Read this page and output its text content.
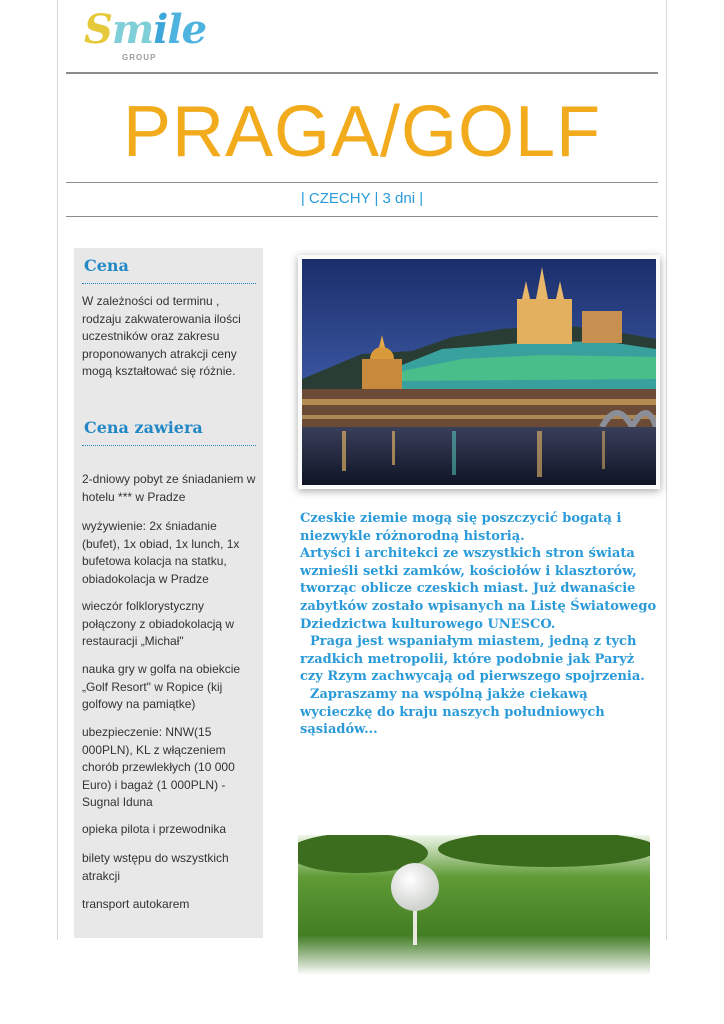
Smile
GROUP
PRAGA/GOLF
| CZECHY | 3 dni |
Cena
W zależności od terminu , rodzaju zakwaterowania ilości uczestników oraz zakresu proponowanych atrakcji ceny mogą kształtować się różnie.
Cena zawiera
2-dniowy pobyt ze śniadaniem w hotelu *** w Pradze
wyżywienie: 2x śniadanie (bufet), 1x obiad, 1x lunch, 1x bufetowa kolacja na statku, obiadokolacja w Pradze
wieczór folklorystyczny połączony z obiadokolacją w restauracji „Michał"
nauka gry w golfa na obiekcie „Golf Resort" w Ropice (kij golfowy na pamiątke)
ubezpieczenie: NNW(15 000PLN), KL z włączeniem chorób przewlekłych (10 000 Euro) i bagaż (1 000PLN) - Sugnal Iduna
opieka pilota i przewodnika
bilety wstępu do wszystkich atrakcji
transport autokarem

Czeskie ziemie mogą się poszczycić bogatą i niezwykle różnorodną historią.

Artyści i architekci ze wszystkich stron świata wznieśli setki zamków, kościołów i klasztorów, tworząc oblicze czeskich miast. Już dwanaście zabytków zostało wpisanych na Listę Światowego Dziedzictwa kulturowego UNESCO.

Praga jest wspaniałym miastem, jedną z tych rzadkich metropolii, które podobnie jak Paryż czy Rzym zachwycają od pierwszego spojrzenia.

Zapraszamy na wspólną jakże ciekawą wycieczkę do kraju naszych południowych sąsiadów...
